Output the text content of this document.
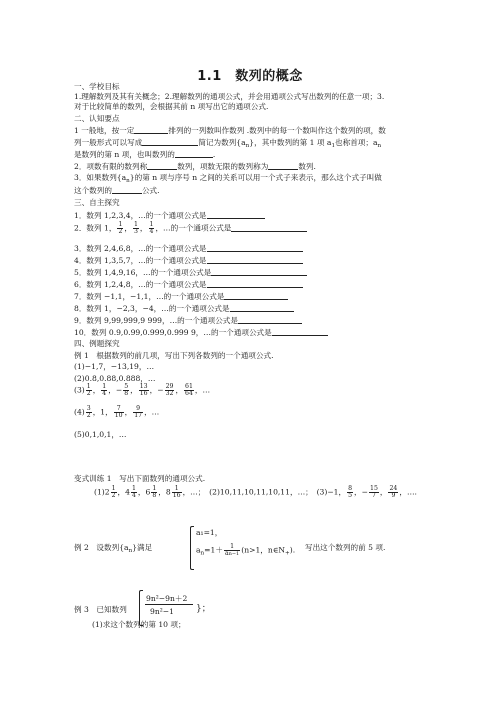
1.1　数列的概念
一、学校目标
1.理解数列及其有关概念；2.理解数列的通项公式，并会用通项公式写出数列的任意一项；3.
对于比较简单的数列，会根据其前 n 项写出它的通项公式.
二、认知要点
1 一般地，按一定	排列的一列数叫作数列 .数列中的每一个数叫作这个数列的项，数
列一般形式可以写成	简记为数列$\{a_n\}$，其中数列的第 1 项 $a_1$也称首项；$a_n$
是数列的第 n 项，也叫数列的	.
2．项数有限的数列称	数列，项数无限的数列称为	数列.
3．如果数列$\{a_n\}$的第 n 项与序号 n 之间的关系可以用一个式子来表示，那么这个式子叫做
这个数列的	公式.
三、自主探究
1．数列 1,2,3,4，…的一个通项公式是
2．数列 1， $\frac{1}{2}$ ， $\frac{1}{3}$ ， $\frac{1}{4}$ ，…的一个通项公式是
3．数列 2,4,6,8，…的一个通项公式是
4．数列 1,3,5,7，…的一个通项公式是
5．数列 1,4,9,16，…的一个通项公式是
6．数列 1,2,4,8，…的一个通项公式是
7．数列 −1,1，−1,1，…的一个通项公式是
8．数列 1，−2,3，−4，…的一个通项公式是
9．数列 9,99,999,9 999，…的一个通项公式是
10．数列 0.9,0.99,0.999,0.999 9，…的一个通项公式是
四、例题探究
例 1　根据数列的前几项，写出下列各数列的一个通项公式.
(1)−1,7，−13,19，…
(2)0.8,0.88,0.888，…
$(3) \frac{1}{2}$ ， $\frac{1}{4}$ ，− $\frac{5}{8}$ ， $\frac{13}{16}$ ，− $\frac{29}{32}$ ， $\frac{61}{64}$ ，…
$(4) \frac{3}{2}$ ，1， $\frac{7}{10}$ ， $\frac{9}{17}$ ，…
(5)0,1,0,1，…
变式训练 1　写出下面数列的通项公式.
$(1)2 \frac{1}{2}$ ，$4 \frac{1}{4}$ ，$6 \frac{1}{8}$ ，$8 \frac{1}{16}$ ，…；　(2)10,11,10,11,10,11，…；　 (3)−1， $\frac{8}{5}$ ，− $\frac{15}{7}$ ， $\frac{24}{9}$ ，….
例 2　设数列$\{a_n\}$满足
a₁=1，
$a_n=1+ \frac{1}{an-1} (n>1$，$n\in N_+$). 写出这个数列的前 5 项.
例 3　已知数列
9n²−9n＋2
9n²−1 }；
(1)求这个数列的第 10 项；
